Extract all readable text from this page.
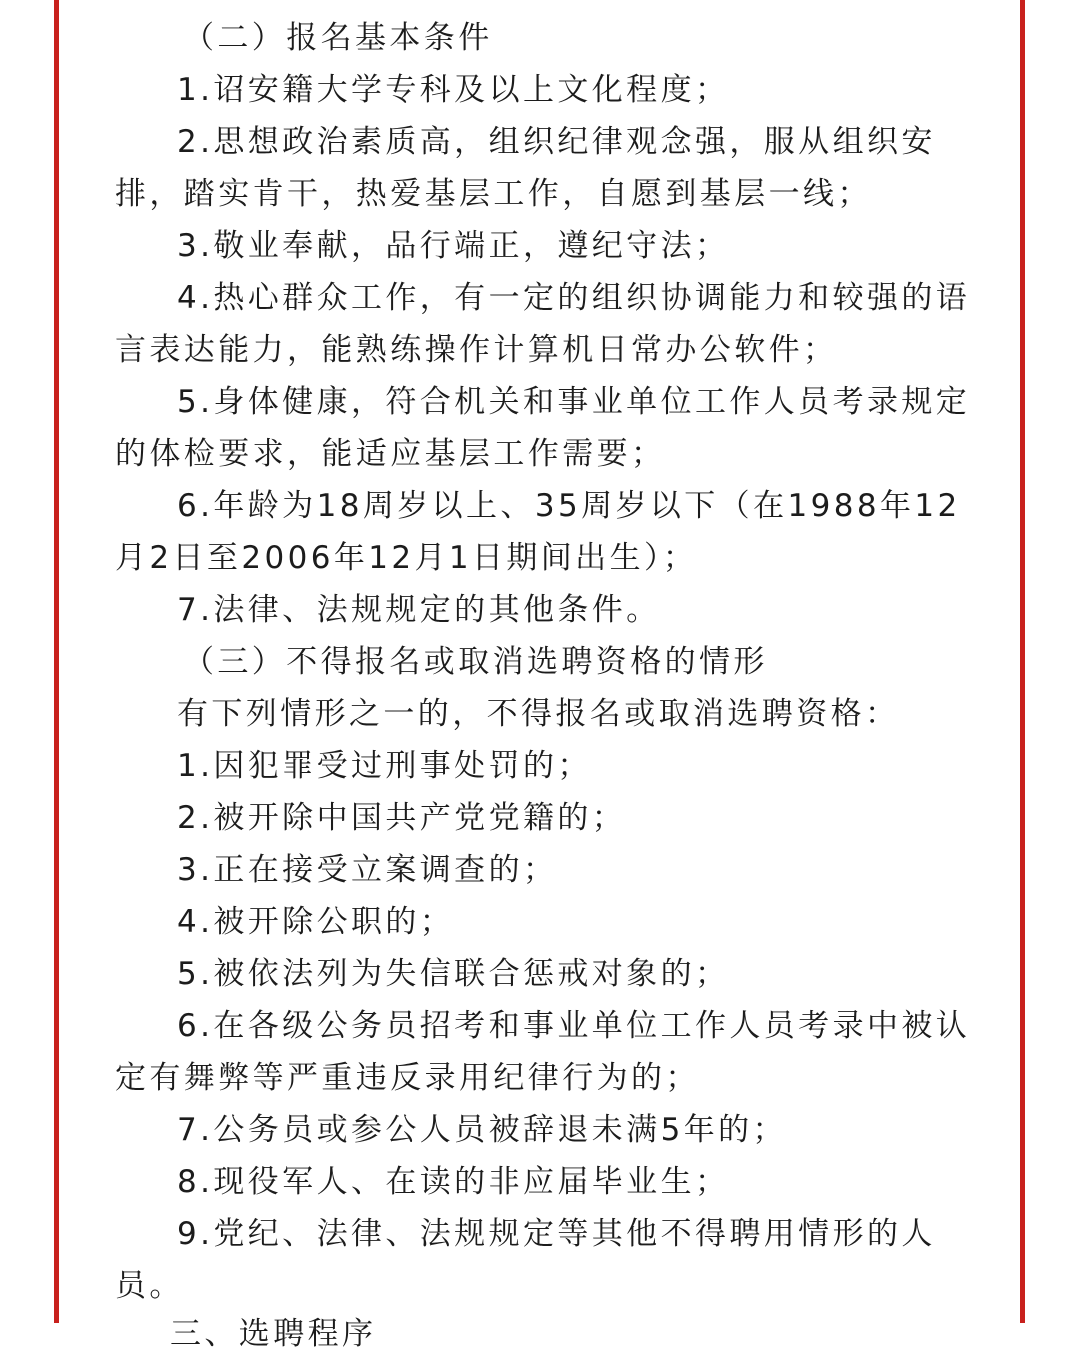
（二）报名基本条件

1.诏安籍大学专科及以上文化程度；

2.思想政治素质高，组织纪律观念强，服从组织安排，踏实肯干，热爱基层工作，自愿到基层一线；

3.敬业奉献，品行端正，遵纪守法；

4.热心群众工作，有一定的组织协调能力和较强的语言表达能力，能熟练操作计算机日常办公软件；

5.身体健康，符合机关和事业单位工作人员考录规定的体检要求，能适应基层工作需要；

6.年龄为18周岁以上、35周岁以下（在1988年12月2日至2006年12月1日期间出生）；

7.法律、法规规定的其他条件。

（三）不得报名或取消选聘资格的情形

有下列情形之一的，不得报名或取消选聘资格：

1.因犯罪受过刑事处罚的；

2.被开除中国共产党党籍的；

3.正在接受立案调查的；

4.被开除公职的；

5.被依法列为失信联合惩戒对象的；

6.在各级公务员招考和事业单位工作人员考录中被认定有舞弊等严重违反录用纪律行为的；

7.公务员或参公人员被辞退未满5年的；

8.现役军人、在读的非应届毕业生；

9.党纪、法律、法规规定等其他不得聘用情形的人员。

三、选聘程序
